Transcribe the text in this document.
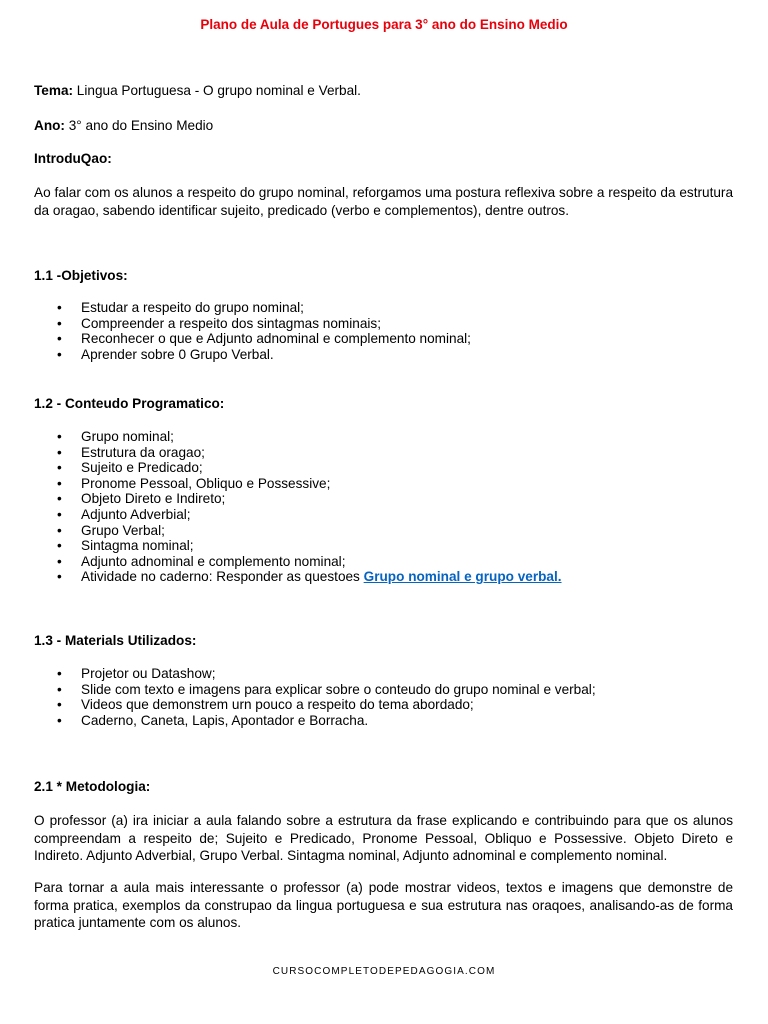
Plano de Aula de Portugues para 3° ano do Ensino Medio
Tema: Lingua Portuguesa - O grupo nominal e Verbal.
Ano: 3° ano do Ensino Medio
IntroduQao:
Ao falar com os alunos a respeito do grupo nominal, reforgamos uma postura reflexiva sobre a respeito da estrutura da oragao, sabendo identificar sujeito, predicado (verbo e complementos), dentre outros.
1.1 -Objetivos:
• Estudar a respeito do grupo nominal;
• Compreender a respeito dos sintagmas nominais;
• Reconhecer o que e Adjunto adnominal e complemento nominal;
• Aprender sobre 0 Grupo Verbal.
1.2 - Conteudo Programatico:
• Grupo nominal;
• Estrutura da oragao;
• Sujeito e Predicado;
• Pronome Pessoal, Obliquo e Possessive;
• Objeto Direto e Indireto;
• Adjunto Adverbial;
• Grupo Verbal;
• Sintagma nominal;
• Adjunto adnominal e complemento nominal;
• Atividade no caderno: Responder as questoes Grupo nominal e grupo verbal.
1.3 - Materials Utilizados:
• Projetor ou Datashow;
• Slide com texto e imagens para explicar sobre o conteudo do grupo nominal e verbal;
• Videos que demonstrem urn pouco a respeito do tema abordado;
• Caderno, Caneta, Lapis, Apontador e Borracha.
2.1 * Metodologia:
O professor (a) ira iniciar a aula falando sobre a estrutura da frase explicando e contribuindo para que os alunos compreendam a respeito de; Sujeito e Predicado, Pronome Pessoal, Obliquo e Possessive. Objeto Direto e Indireto. Adjunto Adverbial, Grupo Verbal. Sintagma nominal, Adjunto adnominal e complemento nominal.
Para tornar a aula mais interessante o professor (a) pode mostrar videos, textos e imagens que demonstre de forma pratica, exemplos da construpao da lingua portuguesa e sua estrutura nas oraqoes, analisando-as de forma pratica juntamente com os alunos.
CURSOCOMPLETODEPEDAGOGIA.COM
